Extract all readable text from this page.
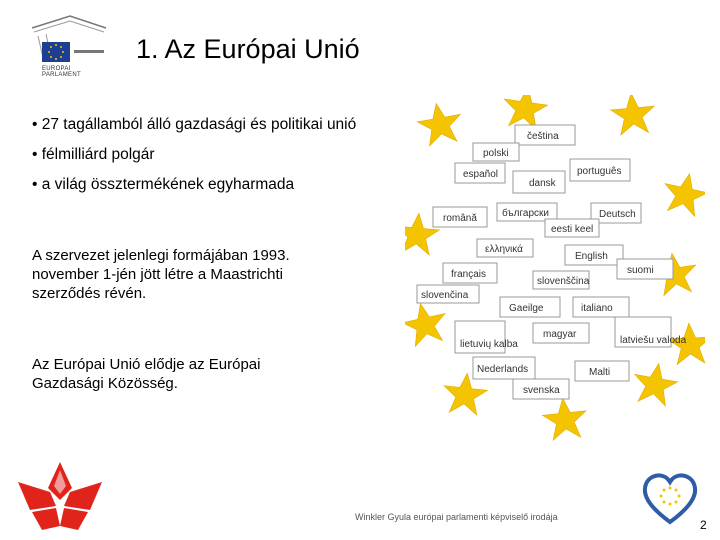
EUROPAI PARLAMENT
1. Az Európai Unió
• 27 tagállamból álló gazdasági és politikai unió
• félmilliárd polgár
• a világ össztermékének egyharmada
A szervezet jelenlegi formájában 1993. november 1-jén jött létre a Maastrichti szerződés révén.
Az Európai Unió elődje az Európai Gazdasági Közösség.
čeština
polski
español	português
dansk
български	Deutsch
română
eesti keel
ελληνικά
English
français
slovenščina
suomi
slovenčina
Gaeilge	italiano
lietuvių kalba
magyar
latviešu valoda
Nederlands	Malti
svenska
Winkler Gyula európai parlamenti képviselő irodája
2
